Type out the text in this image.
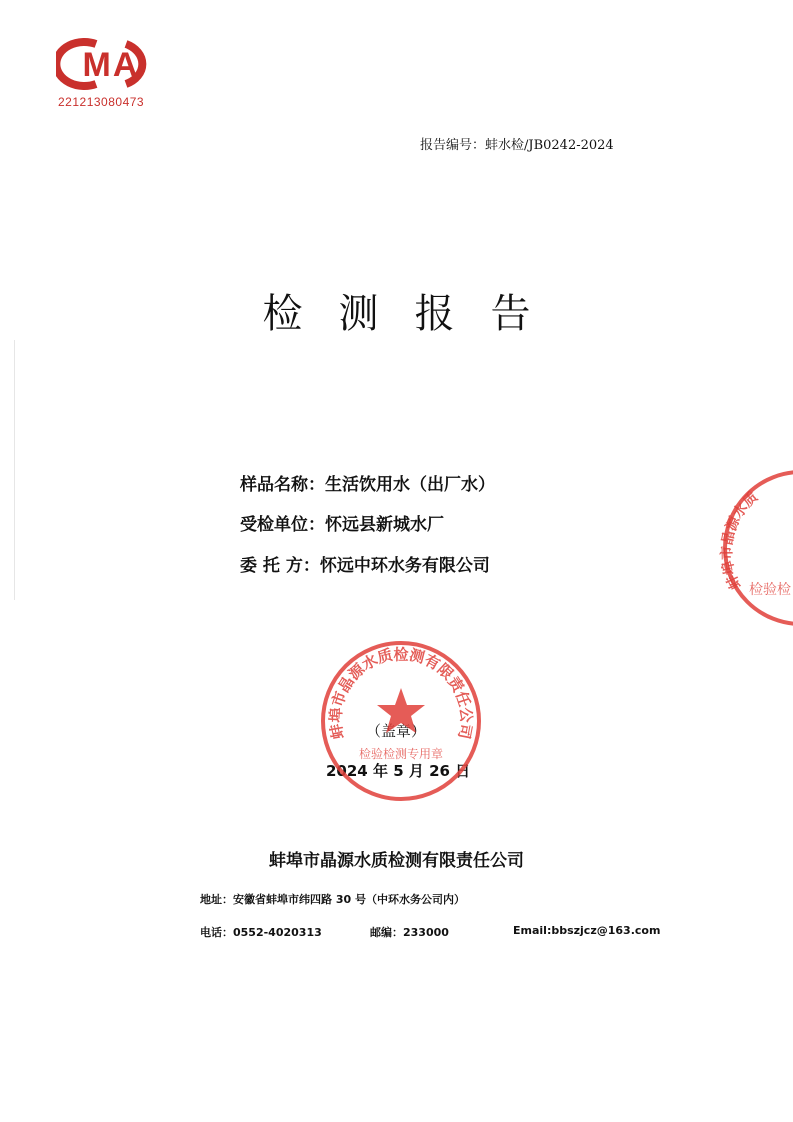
MA
221213080473
报告编号：蚌水检/JB0242-2024
检测报告
样品名称：生活饮用水（出厂水）
受检单位：怀远县新城水厂
委 托 方：怀远中环水务有限公司
（盖章）
2024 年 5 月 26 日
蚌埠市晶源水质检测有限责任公司
检验检测专用章
蚌埠市晶源水质
检验检
蚌埠市晶源水质检测有限责任公司
地址：安徽省蚌埠市纬四路 30 号（中环水务公司内）
电话：0552-4020313	邮编：233000	Email:bbszjcz@163.com
